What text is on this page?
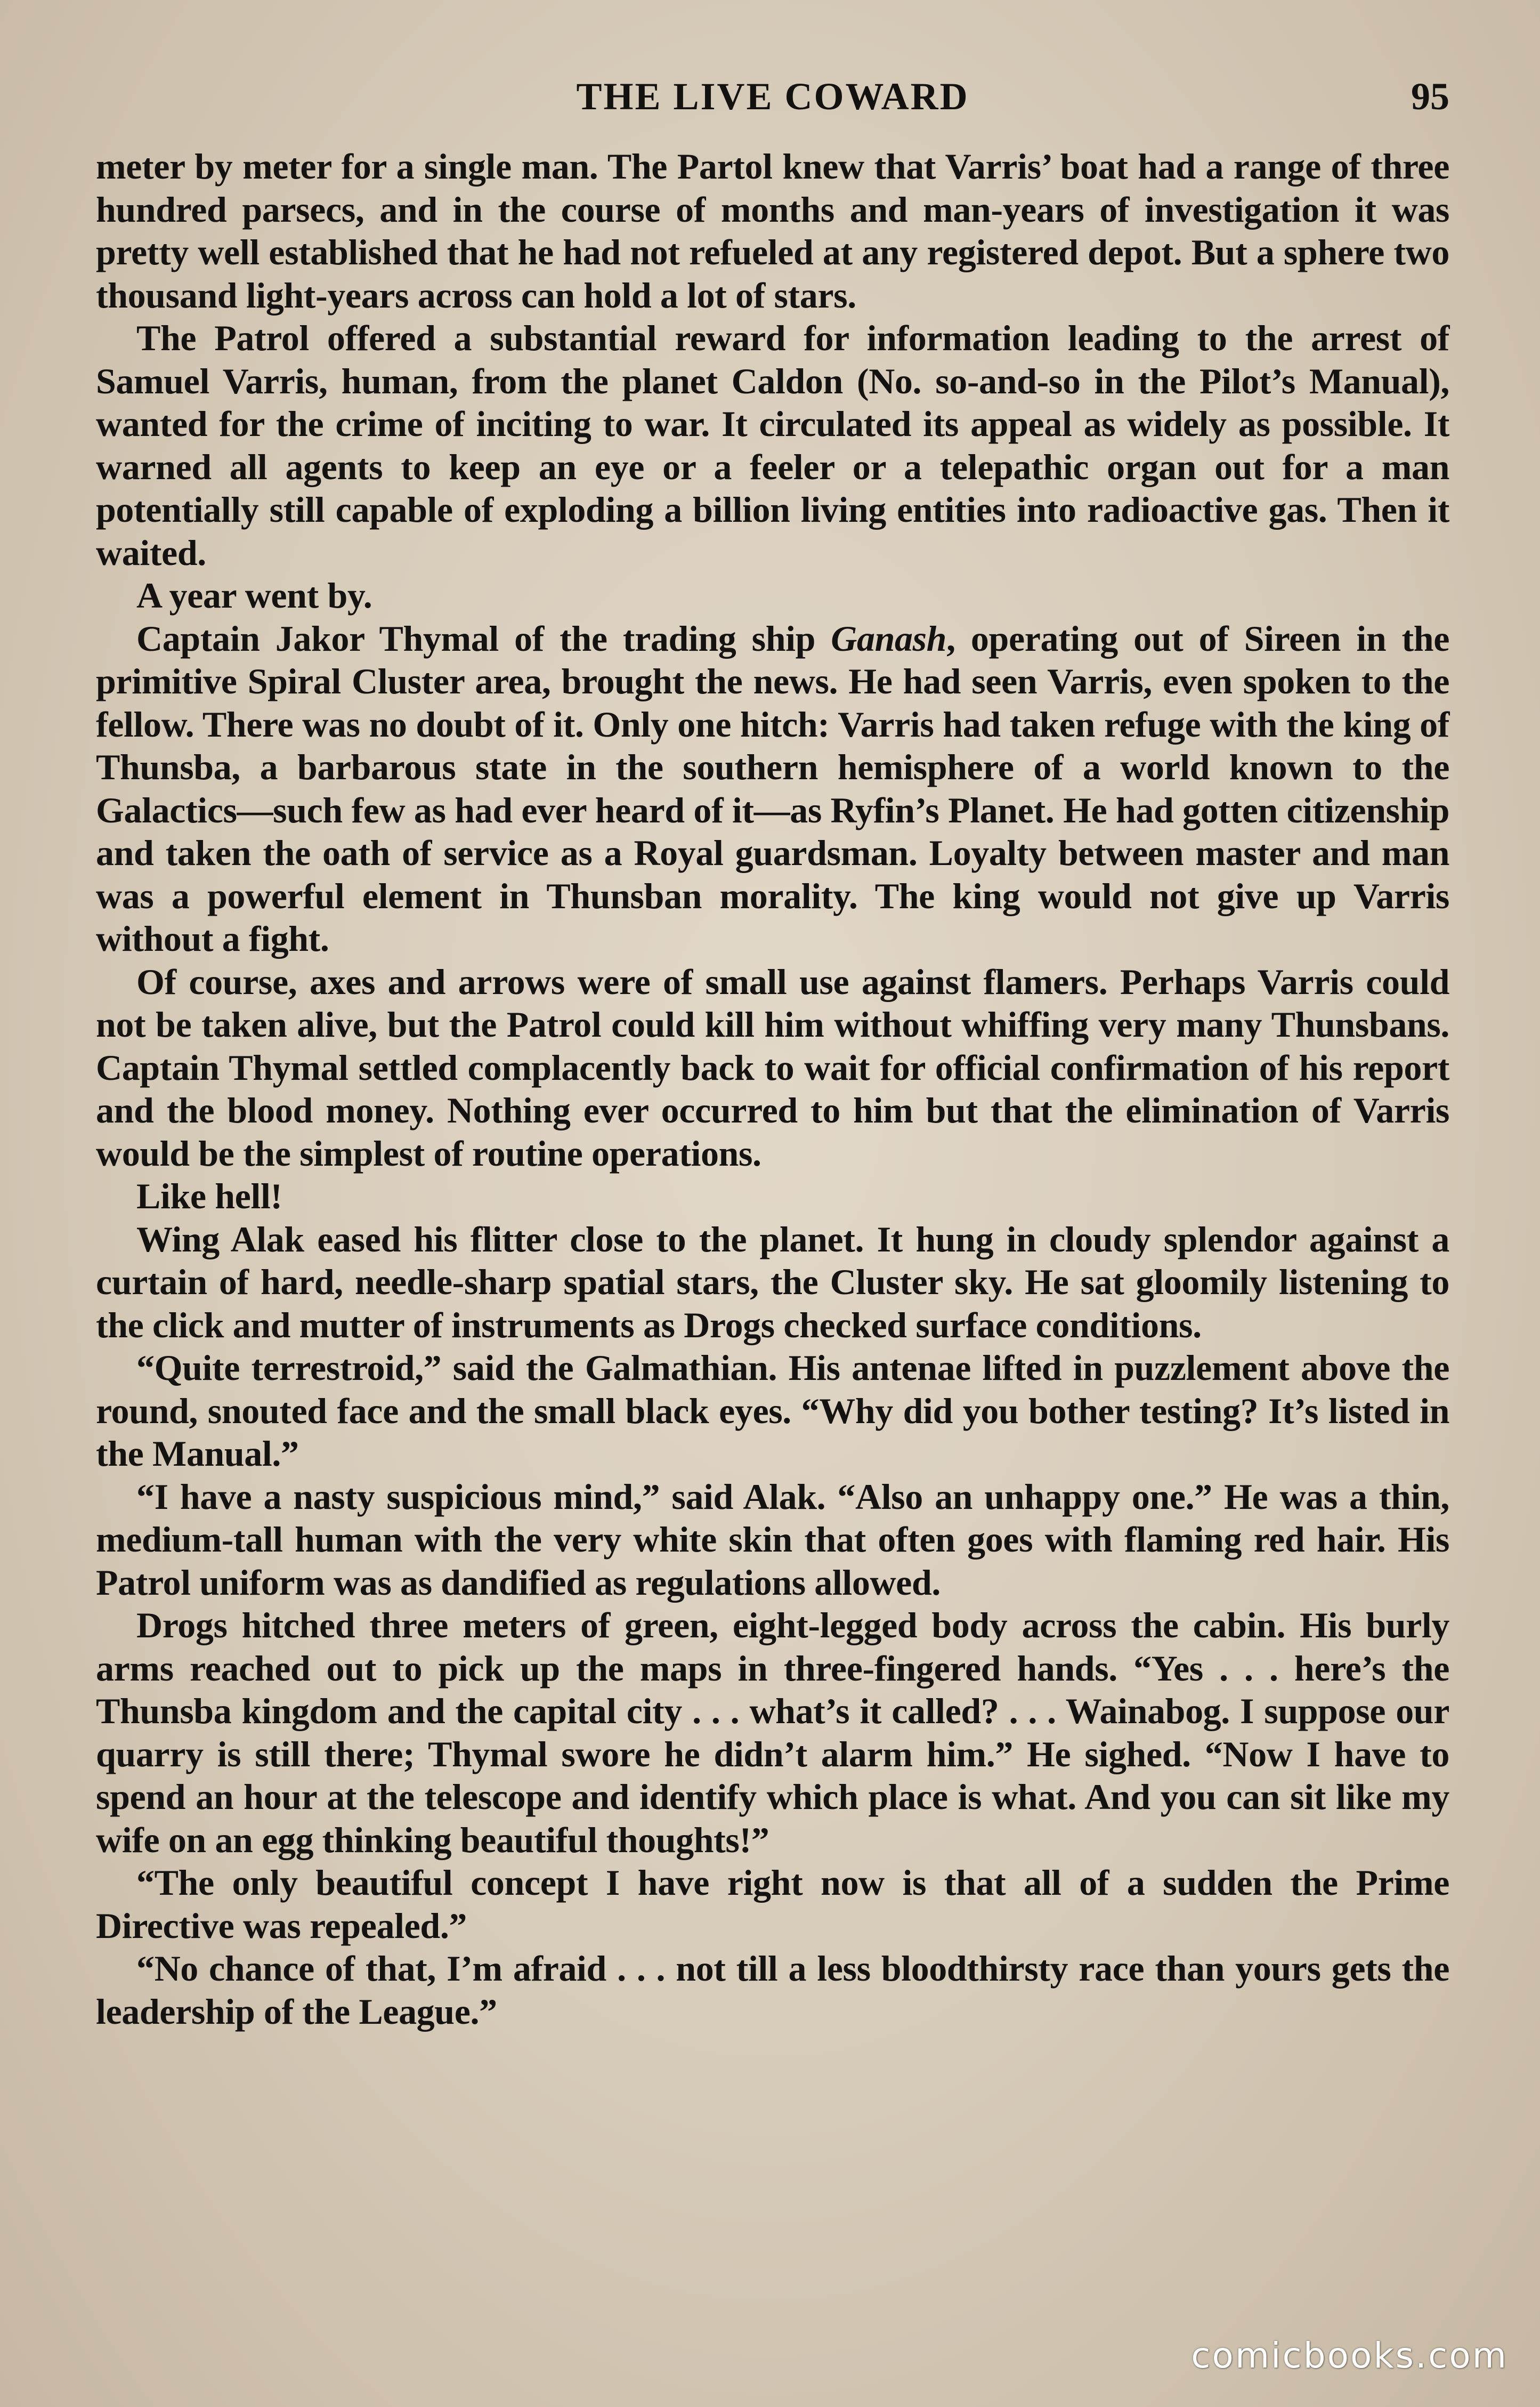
THE LIVE COWARD	95

meter by meter for a single man. The Partol knew that Varris’ boat had a range of three hundred parsecs, and in the course of months and man-years of investigation it was pretty well established that he had not refueled at any registered depot. But a sphere two thousand light-years across can hold a lot of stars.

The Patrol offered a substantial reward for information leading to the arrest of Samuel Varris, human, from the planet Caldon (No. so-and-so in the Pilot’s Manual), wanted for the crime of inciting to war. It circulated its appeal as widely as possible. It warned all agents to keep an eye or a feeler or a telepathic organ out for a man potentially still capable of exploding a billion living entities into radioactive gas. Then it waited.

A year went by.

Captain Jakor Thymal of the trading ship Ganash, operating out of Sireen in the primitive Spiral Cluster area, brought the news. He had seen Varris, even spoken to the fellow. There was no doubt of it. Only one hitch: Varris had taken refuge with the king of Thunsba, a barbarous state in the southern hemisphere of a world known to the Galactics—such few as had ever heard of it—as Ryfin’s Planet. He had gotten citizenship and taken the oath of service as a Royal guardsman. Loyalty between master and man was a powerful element in Thunsban morality. The king would not give up Varris without a fight.

Of course, axes and arrows were of small use against flamers. Perhaps Varris could not be taken alive, but the Patrol could kill him without whiffing very many Thunsbans. Captain Thymal settled complacently back to wait for official confirmation of his report and the blood money. Nothing ever occurred to him but that the elimination of Varris would be the simplest of routine operations.

Like hell!

Wing Alak eased his flitter close to the planet. It hung in cloudy splendor against a curtain of hard, needle-sharp spatial stars, the Cluster sky. He sat gloomily listening to the click and mutter of instruments as Drogs checked surface conditions.

“Quite terrestroid,” said the Galmathian. His antenae lifted in puzzlement above the round, snouted face and the small black eyes. “Why did you bother testing? It’s listed in the Manual.”

“I have a nasty suspicious mind,” said Alak. “Also an unhappy one.” He was a thin, medium-tall human with the very white skin that often goes with flaming red hair. His Patrol uniform was as dandified as regulations allowed.

Drogs hitched three meters of green, eight-legged body across the cabin. His burly arms reached out to pick up the maps in three-fingered hands. “Yes . . . here’s the Thunsba kingdom and the capital city . . . what’s it called? . . . Wainabog. I suppose our quarry is still there; Thymal swore he didn’t alarm him.” He sighed. “Now I have to spend an hour at the telescope and identify which place is what. And you can sit like my wife on an egg thinking beautiful thoughts!”

“The only beautiful concept I have right now is that all of a sudden the Prime Directive was repealed.”

“No chance of that, I’m afraid . . . not till a less bloodthirsty race than yours gets the leadership of the League.”

comicbooks.com
